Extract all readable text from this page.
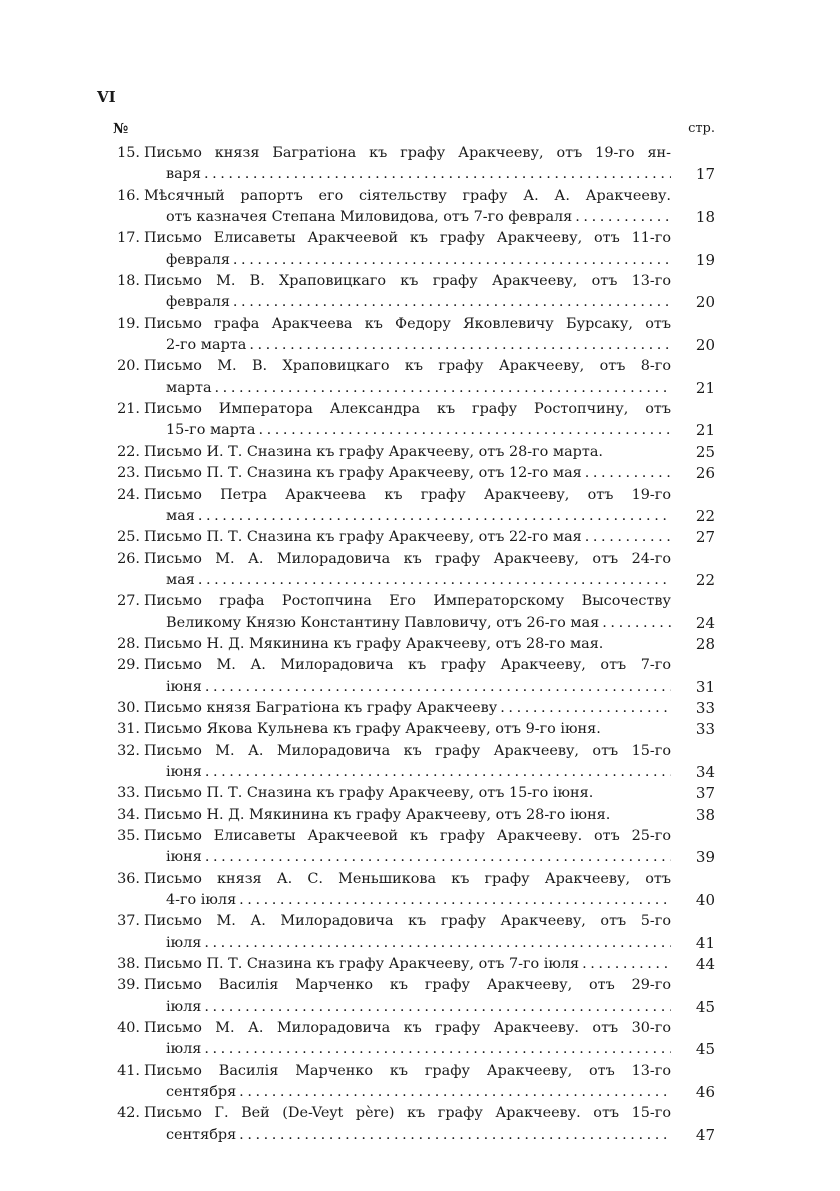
VI
№	стр.
15. Письмо князя Багратіона къ графу Аракчееву, отъ 19-го ян-
варя . . .	17
16. Мѣсячный рапортъ его сіятельству графу А. А. Аракчееву.
отъ казначея Степана Миловидова, отъ 7-го февраля . . .	18
17. Письмо Елисаветы Аракчеевой къ графу Аракчееву, отъ 11-го
февраля . . .	19
18. Письмо М. В. Храповицкаго къ графу Аракчееву, отъ 13-го
февраля . . .	20
19. Письмо графа Аракчеева къ Федору Яковлевичу Бурсаку, отъ
2-го марта . . .	20
20. Письмо М. В. Храповицкаго къ графу Аракчееву, отъ 8-го
марта . . .	21
21. Письмо Императора Александра къ графу Ростопчину, отъ
15-го марта . . .	21
22. Письмо И. Т. Сназина къ графу Аракчееву, отъ 28-го марта.	25
23. Письмо П. Т. Сназина къ графу Аракчееву, отъ 12-го мая . . .	26
24. Письмо Петра Аракчеева къ графу Аракчееву, отъ 19-го
мая . . .	22
25. Письмо П. Т. Сназина къ графу Аракчееву, отъ 22-го мая . . .	27
26. Письмо М. А. Милорадовича къ графу Аракчееву, отъ 24-го
мая . . .	22
27. Письмо графа Ростопчина Его Императорскому Высочеству
Великому Князю Константину Павловичу, отъ 26-го мая . . .	24
28. Письмо Н. Д. Мякинина къ графу Аракчееву, отъ 28-го мая.	28
29. Письмо М. А. Милорадовича къ графу Аракчееву, отъ 7-го
іюня . . .	31
30. Письмо князя Багратіона къ графу Аракчееву . . .	33
31. Письмо Якова Кульнева къ графу Аракчееву, отъ 9-го іюня.	33
32. Письмо М. А. Милорадовича къ графу Аракчееву, отъ 15-го
іюня . . .	34
33. Письмо П. Т. Сназина къ графу Аракчееву, отъ 15-го іюня.	37
34. Письмо Н. Д. Мякинина къ графу Аракчееву, отъ 28-го іюня.	38
35. Письмо Елисаветы Аракчеевой къ графу Аракчееву. отъ 25-го
іюня . . .	39
36. Письмо князя А. С. Меньшикова къ графу Аракчееву, отъ
4-го іюля . . .	40
37. Письмо М. А. Милорадовича къ графу Аракчееву, отъ 5-го
іюля . . .	41
38. Письмо П. Т. Сназина къ графу Аракчееву, отъ 7-го іюля . . .	44
39. Письмо Василія Марченко къ графу Аракчееву, отъ 29-го
іюля . . .	45
40. Письмо М. А. Милорадовича къ графу Аракчееву. отъ 30-го
іюля . . .	45
41. Письмо Василія Марченко къ графу Аракчееву, отъ 13-го
сентября . . .	46
42. Письмо Г. Вей (De-Veyt père) къ графу Аракчееву. отъ 15-го
сентября . . .	47
